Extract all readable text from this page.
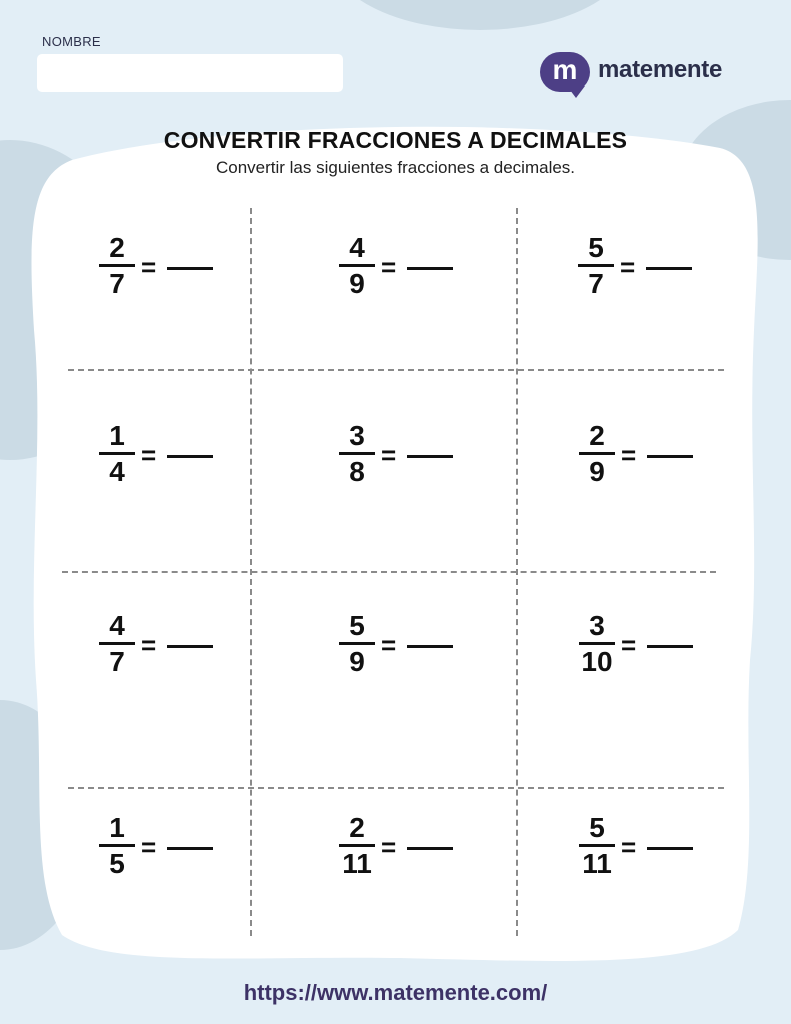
NOMBRE
m matemente
CONVERTIR FRACCIONES A DECIMALES
Convertir las siguientes fracciones a decimales.
2
7
=
4
9
=
5
7
=
1
4
=
3
8
=
2
9
=
4
7
=
5
9
=
3
10
=
1
5
=
2
11
=
5
11
=
https://www.matemente.com/
